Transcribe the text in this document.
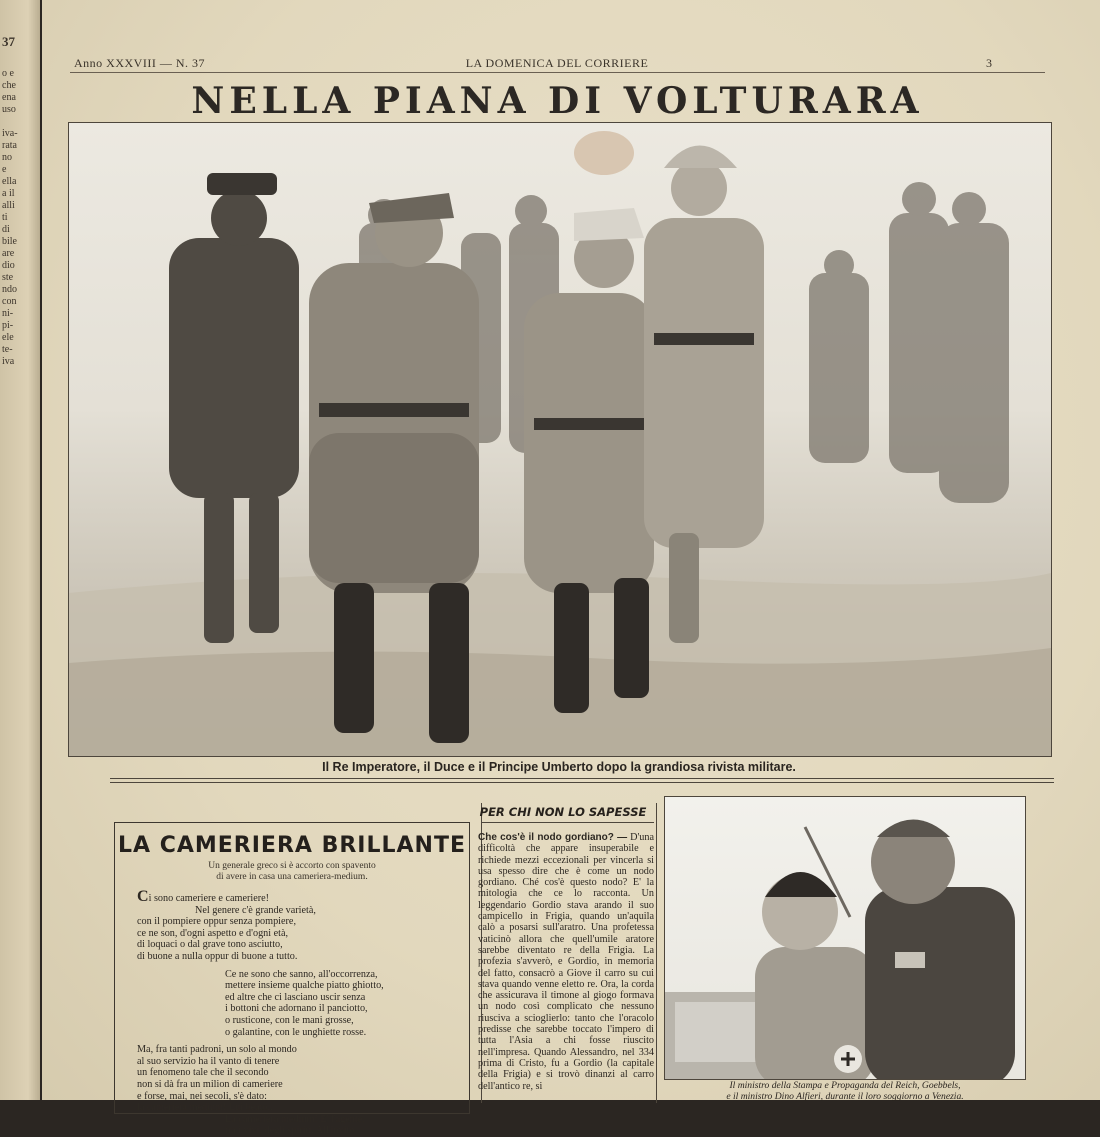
37
o e
che
ena
uso

iva-
rata
no
e
ella
a il
alli
ti
di
bile
are
dio
ste
ndo
con
ni-
pi-
ele
te-
iva
Anno XXXVIII — N. 37	LA DOMENICA DEL CORRIERE	3
NELLA PIANA DI VOLTURARA
Il Re Imperatore, il Duce e il Principe Umberto dopo la grandiosa rivista militare.
LA CAMERIERA BRILLANTE
Un generale greco si è accorto con spavento
di avere in casa una cameriera-medium.
Ci sono cameriere e cameriere!
Nel genere c'è grande varietà,
con il pompiere oppur senza pompiere,
ce ne son, d'ogni aspetto e d'ogni età,
di loquaci o dal grave tono asciutto,
di buone a nulla oppur di buone a tutto.
Ce ne sono che sanno, all'occorrenza,
mettere insieme qualche piatto ghiotto,
ed altre che ci lasciano uscir senza
i bottoni che adornano il panciotto,
o rusticone, con le mani grosse,
o galantine, con le unghiette rosse.
Ma, fra tanti padroni, un solo al mondo
al suo servizio ha il vanto di tenere
un fenomeno tale che il secondo
non si dà fra un milion di cameriere
e forse, mai, nei secoli, s'è dato:
la cameriera medium! Lui beato...
Là cameriera medium! E' l'agente,
tra i vivi, degli spiriti. All'invito
PER CHI NON LO SAPESSE
Che cos'è il nodo gordiano? — D'una difficoltà che appare insuperabile e richiede mezzi eccezionali per vincerla si usa spesso dire che è come un nodo gordiano. Ché cos'è questo nodo? E' la mitologia che ce lo racconta. Un leggendario Gordio stava arando il suo campicello in Frigia, quando un'aquila calò a posarsi sull'aratro. Una profetessa vaticinò allora che quell'umile aratore sarebbe diventato re della Frigia. La profezia s'avverò, e Gordio, in memoria del fatto, consacrò a Giove il carro su cui stava quando venne eletto re. Ora, la corda che assicurava il timone al giogo formava un nodo così complicato che nessuno riusciva a scioglierlo: tanto che l'oracolo predisse che sarebbe toccato l'impero di tutta l'Asia a chi fosse riuscito nell'impresa. Quando Alessandro, nel 334 prima di Cristo, fu a Gordio (la capitale della Frigia) e si trovò dinanzi al carro dell'antico re, si	Il ministro della Stampa e Propaganda del Reich, Goebbels,
e il ministro Dino Alfieri, durante il loro soggiorno a Venezia.
